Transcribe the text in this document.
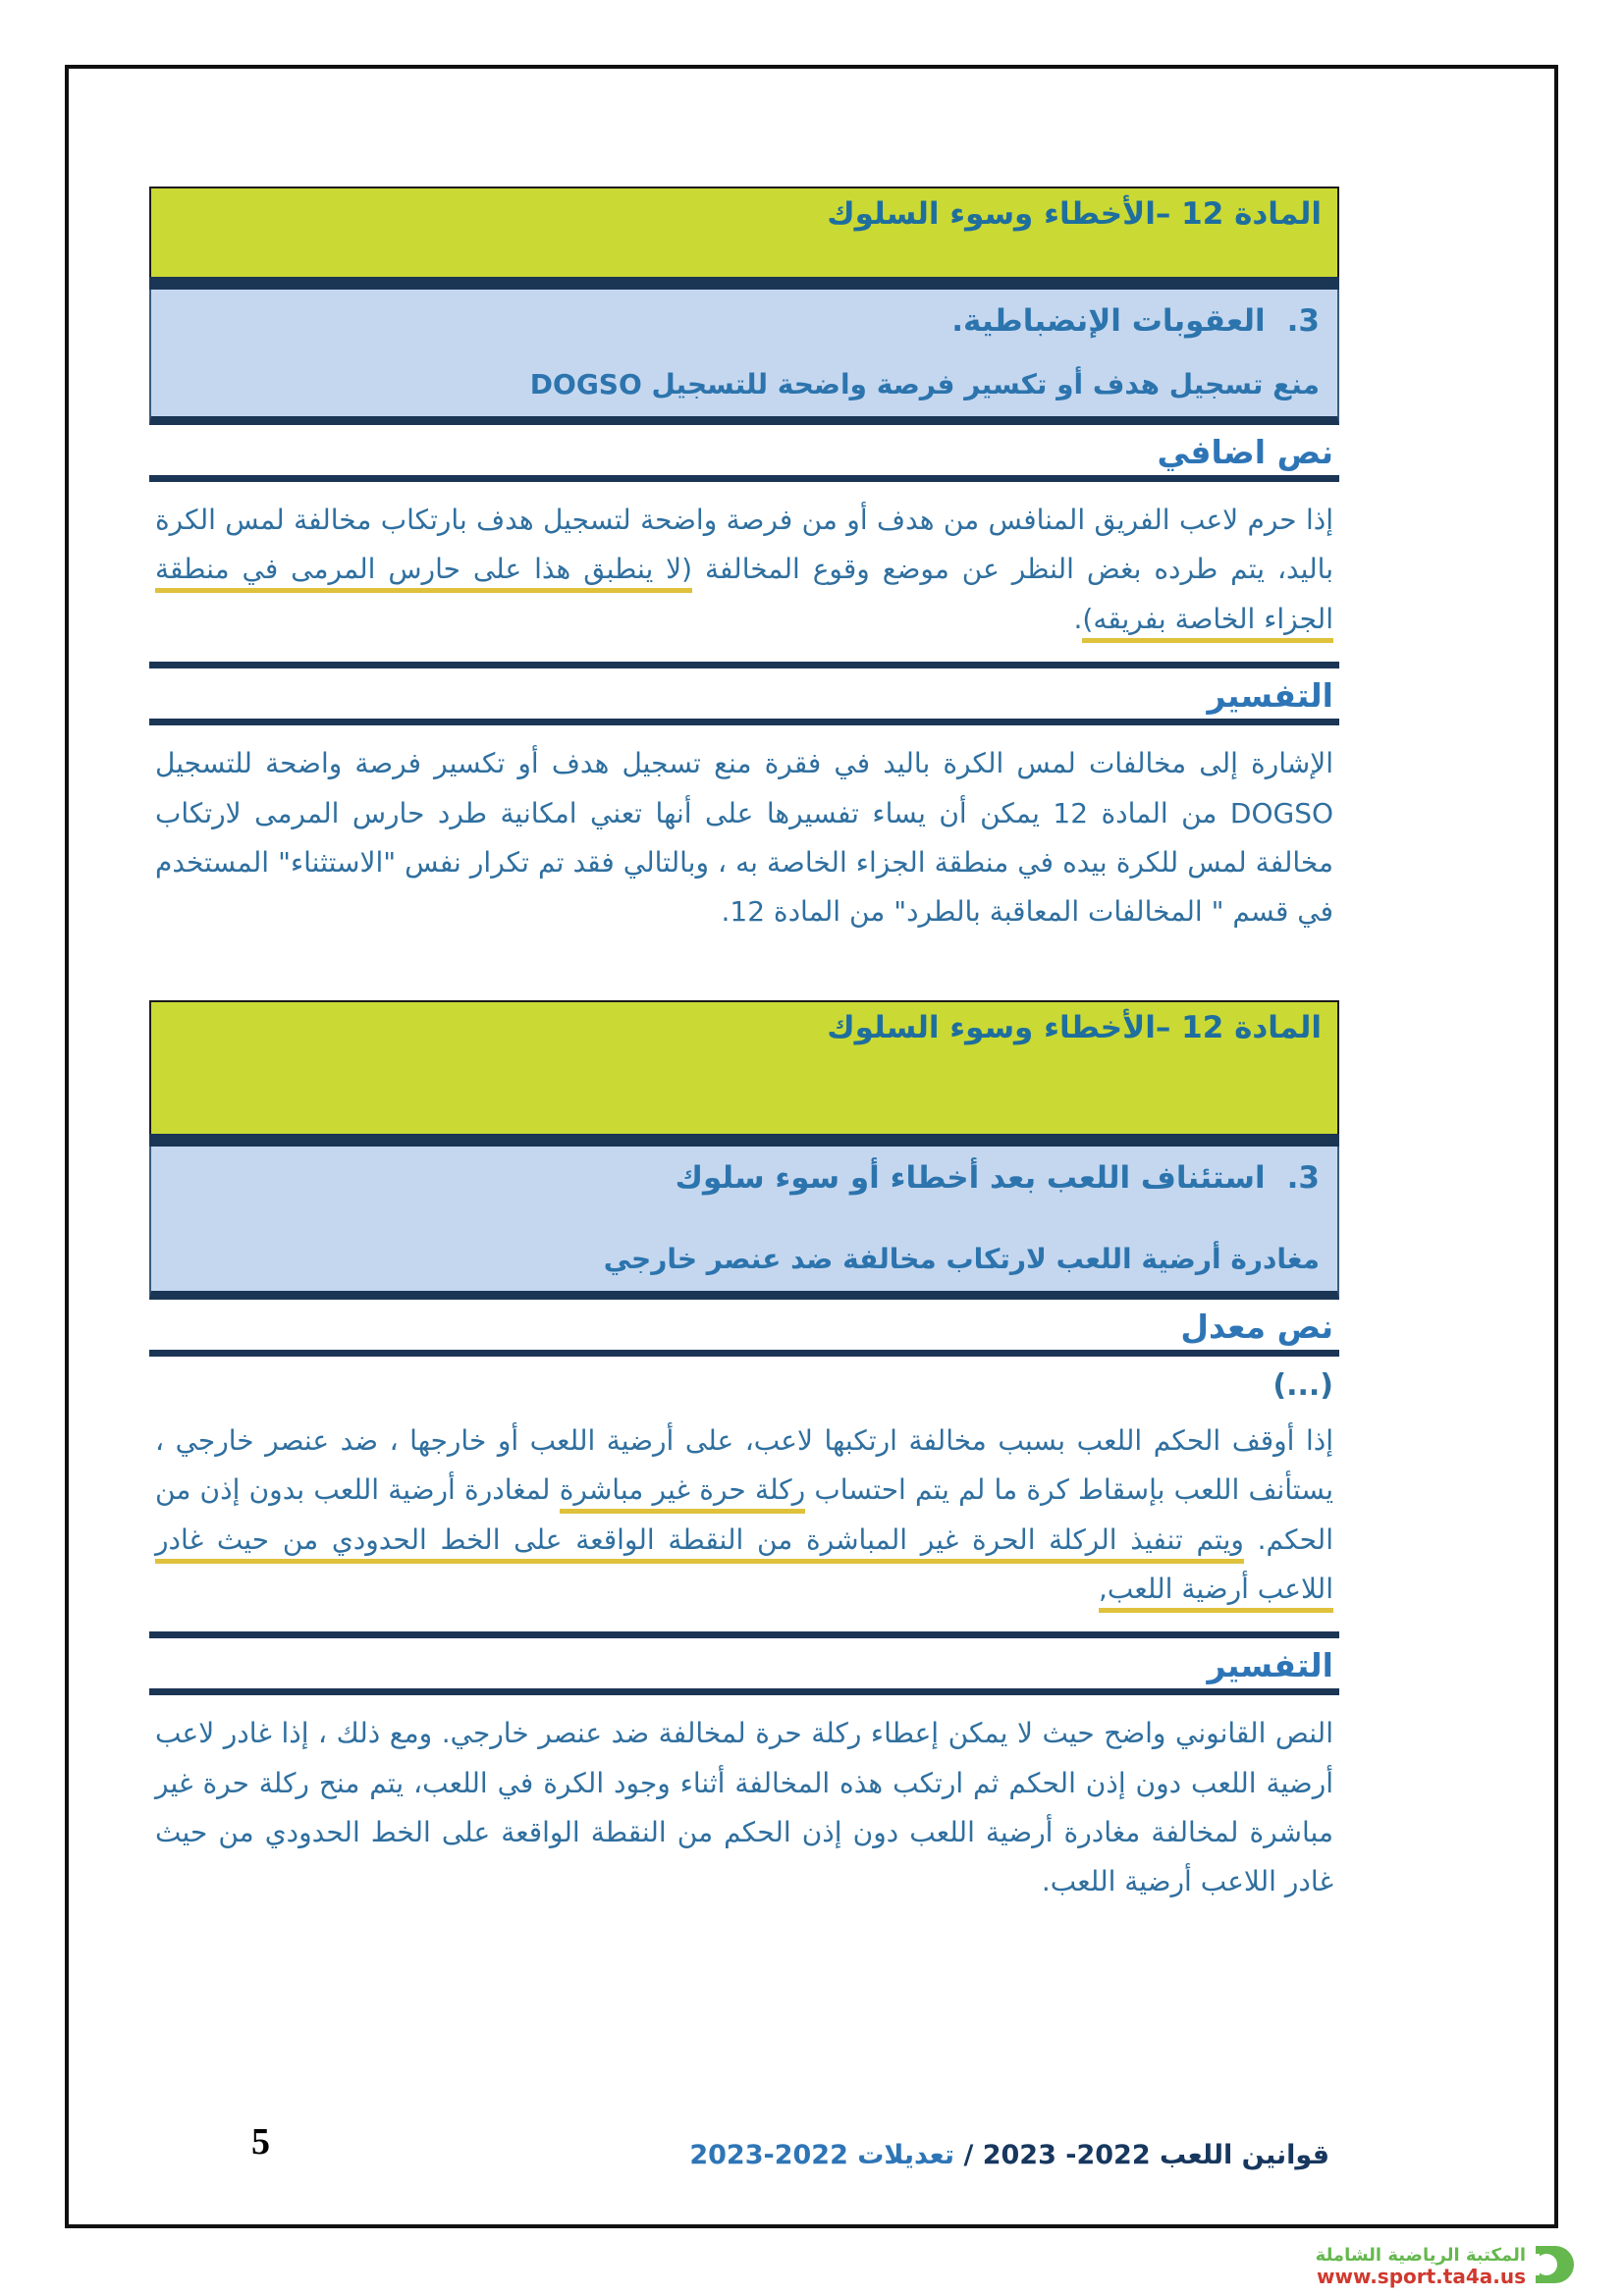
المادة 12 –الأخطاء وسوء السلوك
3.العقوبات الإنضباطية.
منع تسجيل هدف أو تكسير فرصة واضحة للتسجيل DOGSO
نص اضافي
إذا حرم لاعب الفريق المنافس من هدف أو من فرصة واضحة لتسجيل هدف بارتكاب مخالفة لمس الكرة باليد، يتم طرده بغض النظر عن موضع وقوع المخالفة (لا ينطبق هذا على حارس المرمى في منطقة الجزاء الخاصة بفريقه).
التفسير
الإشارة إلى مخالفات لمس الكرة باليد في فقرة منع تسجيل هدف أو تكسير فرصة واضحة للتسجيل DOGSO من المادة 12 يمكن أن يساء تفسيرها على أنها تعني امكانية طرد حارس المرمى لارتكاب مخالفة لمس للكرة بيده في منطقة الجزاء الخاصة به ، وبالتالي فقد تم تكرار نفس "الاستثناء" المستخدم في قسم " المخالفات المعاقبة بالطرد" من المادة 12.
المادة 12 –الأخطاء وسوء السلوك
3.استئناف اللعب بعد أخطاء أو سوء سلوك
مغادرة أرضية اللعب لارتكاب مخالفة ضد عنصر خارجي
نص معدل
(...)
إذا أوقف الحكم اللعب بسبب مخالفة ارتكبها لاعب، على أرضية اللعب أو خارجها ، ضد عنصر خارجي ، يستأنف اللعب بإسقاط كرة ما لم يتم احتساب ركلة حرة غير مباشرة لمغادرة أرضية اللعب بدون إذن من الحكم. ويتم تنفيذ الركلة الحرة غير المباشرة من النقطة الواقعة على الخط الحدودي من حيث غادر اللاعب أرضية اللعب,
التفسير
النص القانوني واضح حيث لا يمكن إعطاء ركلة حرة لمخالفة ضد عنصر خارجي. ومع ذلك ، إذا غادر لاعب أرضية اللعب دون إذن الحكم ثم ارتكب هذه المخالفة أثناء وجود الكرة في اللعب، يتم منح ركلة حرة غير مباشرة لمخالفة مغادرة أرضية اللعب دون إذن الحكم من النقطة الواقعة على الخط الحدودي من حيث غادر اللاعب أرضية اللعب.
قوانين اللعب 2022- 2023 / تعديلات 2022-2023
5
المكتبة الرياضية الشاملة
www.sport.ta4a.us
